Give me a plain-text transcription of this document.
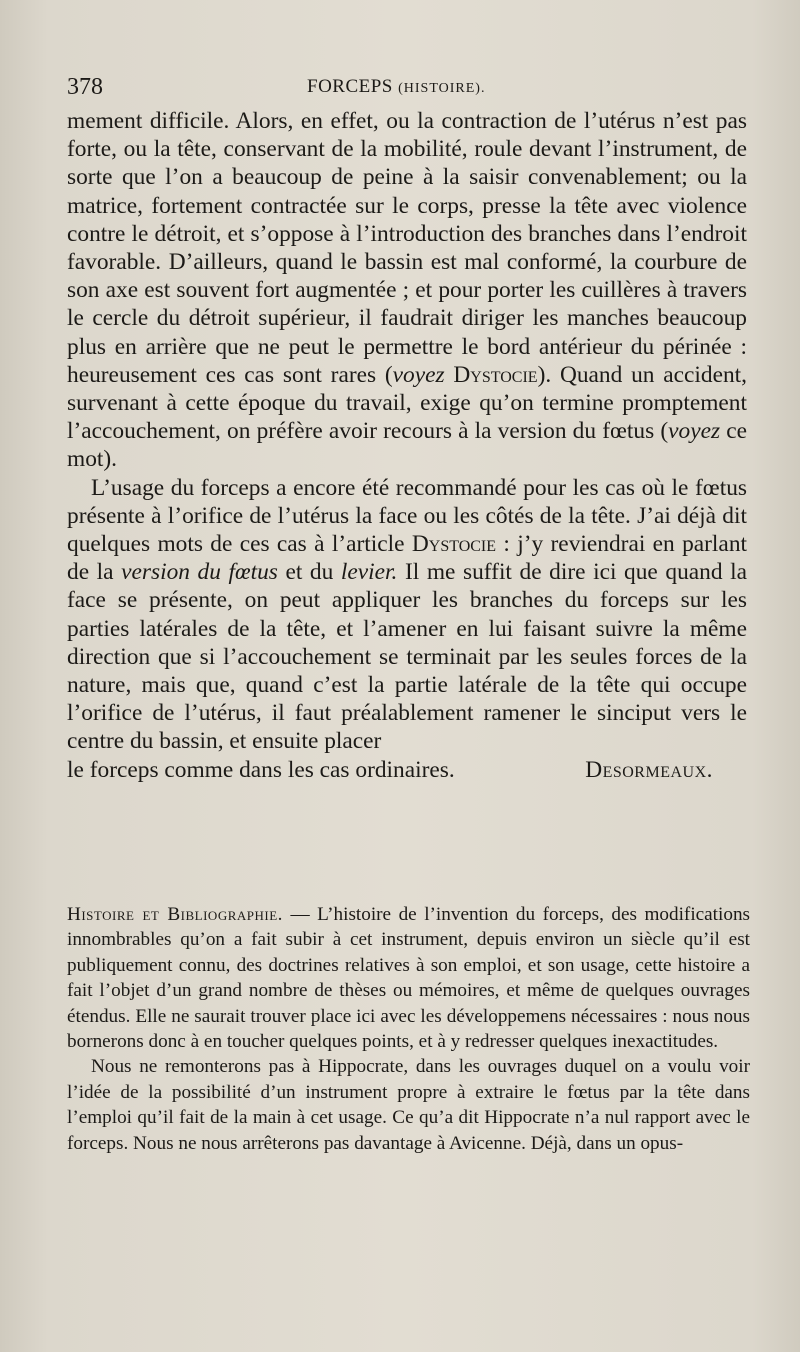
378	FORCEPS (HISTOIRE).

mement difficile. Alors, en effet, ou la contraction de l’utérus n’est pas forte, ou la tête, conservant de la mobilité, roule devant l’instrument, de sorte que l’on a beaucoup de peine à la saisir convenablement; ou la matrice, fortement contractée sur le corps, presse la tête avec violence contre le détroit, et s’oppose à l’introduction des branches dans l’endroit favorable. D’ailleurs, quand le bassin est mal conformé, la courbure de son axe est souvent fort augmentée ; et pour porter les cuillères à travers le cercle du détroit supérieur, il faudrait diriger les manches beaucoup plus en arrière que ne peut le permettre le bord antérieur du périnée : heureusement ces cas sont rares (voyez Dystocie). Quand un accident, survenant à cette époque du travail, exige qu’on termine promptement l’accouchement, on préfère avoir recours à la version du fœtus (voyez ce mot).

L’usage du forceps a encore été recommandé pour les cas où le fœtus présente à l’orifice de l’utérus la face ou les côtés de la tête. J’ai déjà dit quelques mots de ces cas à l’article Dystocie : j’y reviendrai en parlant de la version du fœtus et du levier. Il me suffit de dire ici que quand la face se présente, on peut appliquer les branches du forceps sur les parties latérales de la tête, et l’amener en lui faisant suivre la même direction que si l’accouchement se terminait par les seules forces de la nature, mais que, quand c’est la partie latérale de la tête qui occupe l’orifice de l’utérus, il faut préalablement ramener le sinciput vers le centre du bassin, et ensuite placer

le forceps comme dans les cas ordinaires.	Desormeaux.

Histoire et Bibliographie. — L’histoire de l’invention du forceps, des modifications innombrables qu’on a fait subir à cet instrument, depuis environ un siècle qu’il est publiquement connu, des doctrines relatives à son emploi, et son usage, cette histoire a fait l’objet d’un grand nombre de thèses ou mémoires, et même de quelques ouvrages étendus. Elle ne saurait trouver place ici avec les développemens nécessaires : nous nous bornerons donc à en toucher quelques points, et à y redresser quelques inexactitudes.

Nous ne remonterons pas à Hippocrate, dans les ouvrages duquel on a voulu voir l’idée de la possibilité d’un instrument propre à extraire le fœtus par la tête dans l’emploi qu’il fait de la main à cet usage. Ce qu’a dit Hippocrate n’a nul rapport avec le forceps. Nous ne nous arrêterons pas davantage à Avicenne. Déjà, dans un opus-
